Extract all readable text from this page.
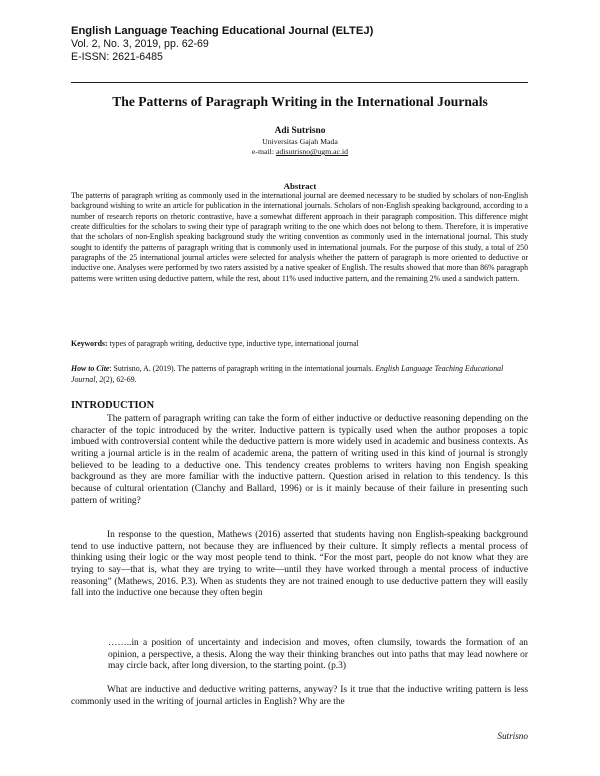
English Language Teaching Educational Journal (ELTEJ)

Vol. 2, No. 3, 2019, pp. 62-69

E-ISSN: 2621-6485

The Patterns of Paragraph Writing in the International Journals

Adi Sutrisno

Universitas Gajah Mada

e-mail: adisutrisno@ugm.ac.id

Abstract

The patterns of paragraph writing as commonly used in the international journal are deemed necessary to be studied by scholars of non-English background wishing to write an article for publication in the international journals. Scholars of non-English speaking background, according to a number of research reports on rhetoric contrastive, have a somewhat different approach in their paragraph composition. This difference might create difficulties for the scholars to swing their type of paragraph writing to the one which does not belong to them. Therefore, it is imperative that the scholars of non-English speaking background study the writing convention as commonly used in the international journal. This study sought to identify the patterns of paragraph writing that is commonly used in international journals. For the purpose of this study, a total of 250 paragraphs of the 25 international journal articles were selected for analysis whether the pattern of paragraph is more oriented to deductive or inductive one. Analyses were performed by two raters assisted by a native speaker of English. The results showed that more than 86% paragraph patterns were written using deductive pattern, while the rest, about 11% used inductive pattern, and the remaining 2% used a sandwich pattern.

Keywords: types of paragraph writing, deductive type, inductive type, international journal

How to Cite: Sutrisno, A. (2019). The patterns of paragraph writing in the international journals. English Language Teaching Educational Journal, 2(2), 62-69.

INTRODUCTION

The pattern of paragraph writing can take the form of either inductive or deductive reasoning depending on the character of the topic introduced by the writer. Inductive pattern is typically used when the author proposes a topic imbued with controversial content while the deductive pattern is more widely used in academic and business contexts. As writing a journal article is in the realm of academic arena, the pattern of writing used in this kind of journal is strongly believed to be leading to a deductive one. This tendency creates problems to writers having non Engish speaking background as they are more familiar with the inductive pattern. Question arised in relation to this tendency. Is this because of cultural orientation (Clanchy and Ballard, 1996) or is it mainly because of their failure in presenting such pattern of writing?

In response to the question, Mathews (2016) asserted that students having non English-speaking background tend to use inductive pattern, not because they are influenced by their culture. It simply reflects a mental process of thinking using their logic or the way most people tend to think. “For the most part, people do not know what they are trying to say—that is, what they are trying to write—until they have worked through a mental process of inductive reasoning” (Mathews, 2016. P.3). When as students they are not trained enough to use deductive pattern they will easily fall into the inductive one because they often begin

……..in a position of uncertainty and indecision and moves, often clumsily, towards the formation of an opinion, a perspective, a thesis. Along the way their thinking branches out into paths that may lead nowhere or may circle back, after long diversion, to the starting point. (p.3)

What are inductive and deductive writing patterns, anyway? Is it true that the inductive writing pattern is less commonly used in the writing of journal articles in English? Why are the

Sutrisno
